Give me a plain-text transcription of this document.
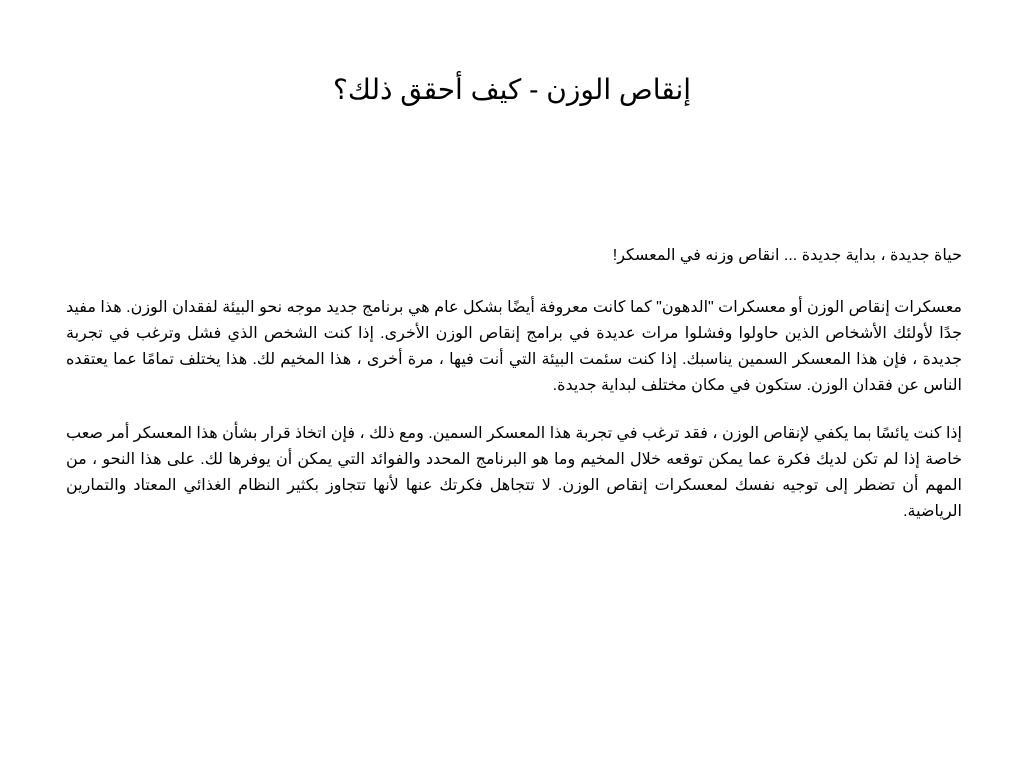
إنقاص الوزن - كيف أحقق ذلك؟

حياة جديدة ، بداية جديدة ... انقاص وزنه في المعسكر!

معسكرات إنقاص الوزن أو معسكرات "الدهون" كما كانت معروفة أيضًا بشكل عام هي برنامج جديد موجه نحو البيئة لفقدان الوزن. هذا مفيد جدًا لأولئك الأشخاص الذين حاولوا وفشلوا مرات عديدة في برامج إنقاص الوزن الأخرى. إذا كنت الشخص الذي فشل وترغب في تجربة جديدة ، فإن هذا المعسكر السمين يناسبك. إذا كنت سئمت البيئة التي أنت فيها ، مرة أخرى ، هذا المخيم لك. هذا يختلف تمامًا عما يعتقده الناس عن فقدان الوزن. ستكون في مكان مختلف لبداية جديدة.

إذا كنت يائسًا بما يكفي لإنقاص الوزن ، فقد ترغب في تجربة هذا المعسكر السمين. ومع ذلك ، فإن اتخاذ قرار بشأن هذا المعسكر أمر صعب خاصة إذا لم تكن لديك فكرة عما يمكن توقعه خلال المخيم وما هو البرنامج المحدد والفوائد التي يمكن أن يوفرها لك. على هذا النحو ، من المهم أن تضطر إلى توجيه نفسك لمعسكرات إنقاص الوزن. لا تتجاهل فكرتك عنها لأنها تتجاوز بكثير النظام الغذائي المعتاد والتمارين الرياضية.
